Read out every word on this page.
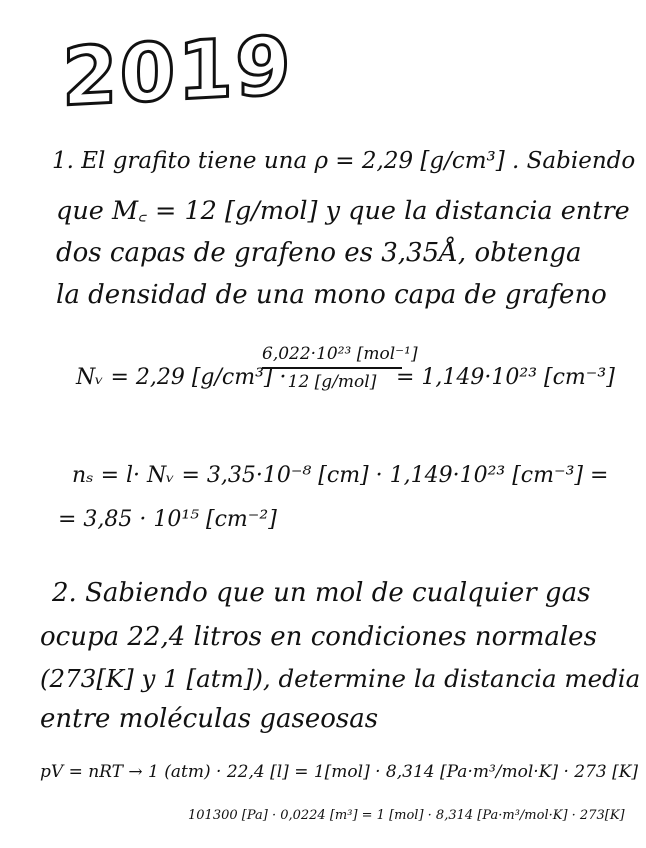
2019
1. El grafito tiene una ρ = 2,29 [g/cm³] . Sabiendo
que M꜀ = 12 [g/mol] y que la distancia entre
dos capas de grafeno es 3,35Å, obtenga
la densidad de una mono capa de grafeno
Nᵥ = 2,29 [g/cm³] ·
6,022·10²³ [mol⁻¹]
12 [g/mol] = 1,149·10²³ [cm⁻³]
nₛ = l· Nᵥ = 3,35·10⁻⁸ [cm] · 1,149·10²³ [cm⁻³] =
= 3,85 · 10¹⁵ [cm⁻²]
2. Sabiendo que un mol de cualquier gas
ocupa 22,4 litros en condiciones normales
(273[K] y 1 [atm]), determine la distancia media
entre moléculas gaseosas
pV = nRT → 1 (atm) · 22,4 [l] = 1[mol] · 8,314 [Pa·m³/mol·K] · 273 [K]
101300 [Pa] · 0,0224 [m³] = 1 [mol] · 8,314 [Pa·m³/mol·K] · 273[K]
